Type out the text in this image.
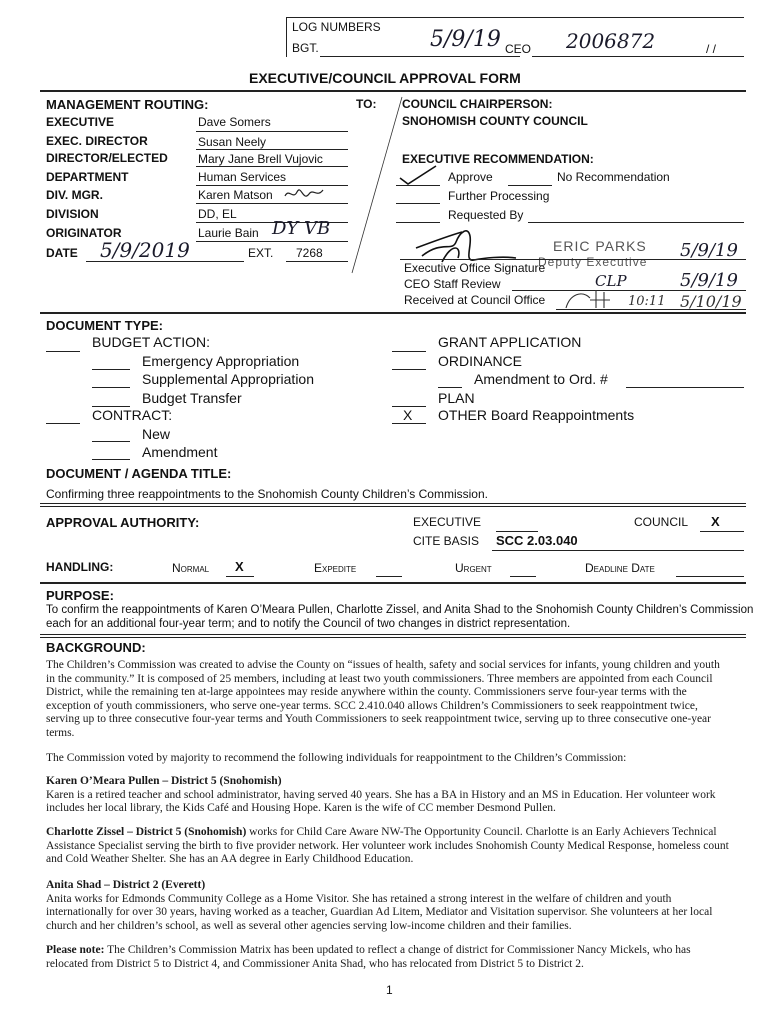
LOG NUMBERS
BGT.	5/9/19 CEO 2006872	/ /
EXECUTIVE/COUNCIL APPROVAL FORM
MANAGEMENT ROUTING:	TO: COUNCIL CHAIRPERSON:
SNOHOMISH COUNTY COUNCIL
EXECUTIVE	Dave Somers
EXEC. DIRECTOR	Susan Neely
DIRECTOR/ELECTED	Mary Jane Brell Vujovic
DEPARTMENT	Human Services
DIV. MGR.	Karen Matson
DIVISION	DD, EL
ORIGINATOR	Laurie Bain DY VB
DATE 5/9/2019	EXT. 7268
EXECUTIVE RECOMMENDATION:
Approve	No Recommendation
Further Processing
Requested By
ERIC PARKS
Deputy Executive
5/9/19
Executive Office Signature
CEO Staff Review	CLP	5/9/19
Received at Council Office	10:11 5/10/19
DOCUMENT TYPE:
BUDGET ACTION:
Emergency Appropriation
Supplemental Appropriation
Budget Transfer
CONTRACT:
New
Amendment
GRANT APPLICATION
ORDINANCE
Amendment to Ord. #
PLAN
X OTHER Board Reappointments
DOCUMENT / AGENDA TITLE:
Confirming three reappointments to the Snohomish County Children’s Commission.
APPROVAL AUTHORITY:	EXECUTIVE	COUNCIL X
CITE BASIS SCC 2.03.040
HANDLING:	Normal X	Expedite	Urgent	Deadline Date
PURPOSE:
To confirm the reappointments of Karen O’Meara Pullen, Charlotte Zissel, and Anita Shad to the Snohomish County Children’s Commission
each for an additional four-year term; and to notify the Council of two changes in district representation.
BACKGROUND:
The Children’s Commission was created to advise the County on “issues of health, safety and social services for infants, young children and youth
in the community.” It is composed of 25 members, including at least two youth commissioners. Three members are appointed from each Council
District, while the remaining ten at-large appointees may reside anywhere within the county. Commissioners serve four-year terms with the
exception of youth commissioners, who serve one-year terms. SCC 2.410.040 allows Children’s Commissioners to seek reappointment twice,
serving up to three consecutive four-year terms and Youth Commissioners to seek reappointment twice, serving up to three consecutive one-year
terms.
The Commission voted by majority to recommend the following individuals for reappointment to the Children’s Commission:
Karen O’Meara Pullen – District 5 (Snohomish)
Karen is a retired teacher and school administrator, having served 40 years. She has a BA in History and an MS in Education. Her volunteer work
includes her local library, the Kids Café and Housing Hope. Karen is the wife of CC member Desmond Pullen.
Charlotte Zissel – District 5 (Snohomish) works for Child Care Aware NW-The Opportunity Council. Charlotte is an Early Achievers Technical
Assistance Specialist serving the birth to five provider network. Her volunteer work includes Snohomish County Medical Response, homeless count
and Cold Weather Shelter. She has an AA degree in Early Childhood Education.
Anita Shad – District 2 (Everett)
Anita works for Edmonds Community College as a Home Visitor. She has retained a strong interest in the welfare of children and youth
internationally for over 30 years, having worked as a teacher, Guardian Ad Litem, Mediator and Visitation supervisor. She volunteers at her local
church and her children’s school, as well as several other agencies serving low-income children and their families.
Please note: The Children’s Commission Matrix has been updated to reflect a change of district for Commissioner Nancy Mickels, who has
relocated from District 5 to District 4, and Commissioner Anita Shad, who has relocated from District 5 to District 2.
1
